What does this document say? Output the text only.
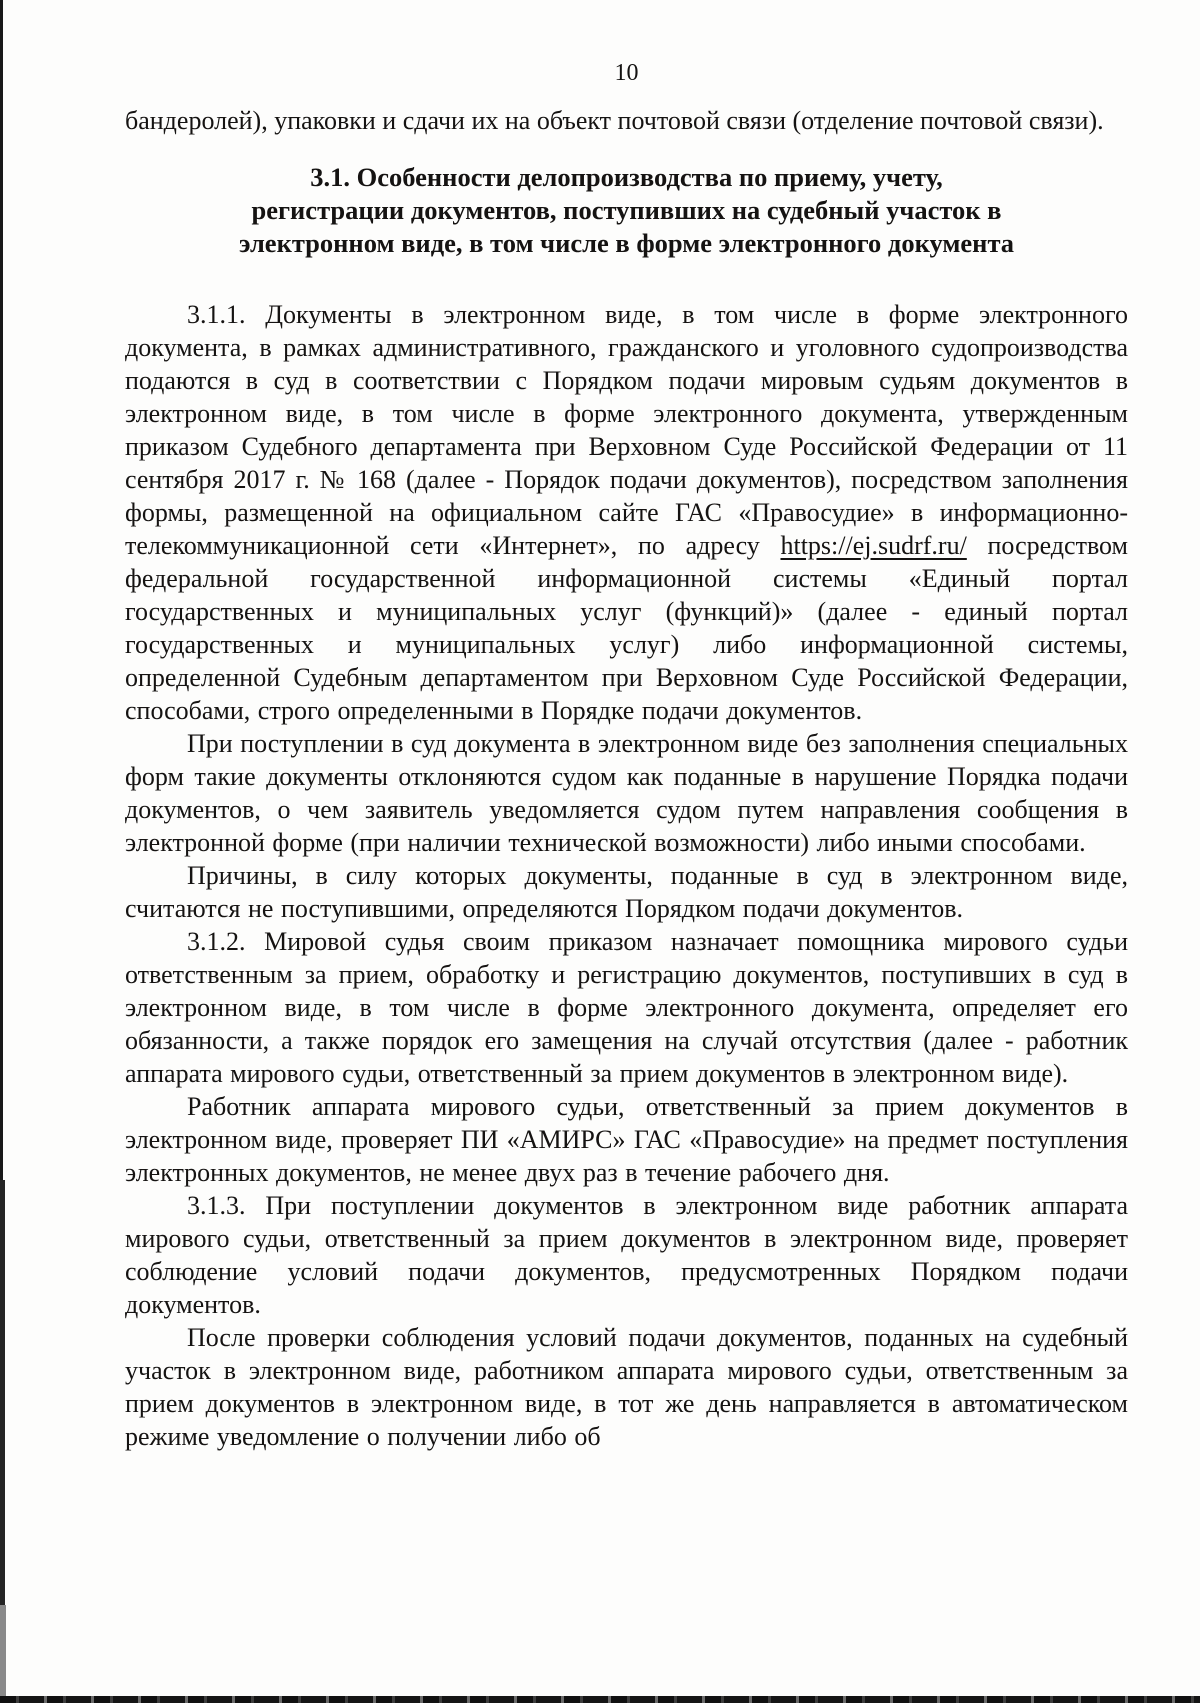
10

бандеролей), упаковки и сдачи их на объект почтовой связи (отделение почтовой связи).

3.1. Особенности делопроизводства по приему, учету,
регистрации документов, поступивших на судебный участок в
электронном виде, в том числе в форме электронного документа

3.1.1. Документы в электронном виде, в том числе в форме электронного документа, в рамках административного, гражданского и уголовного судопроизводства подаются в суд в соответствии с Порядком подачи мировым судьям документов в электронном виде, в том числе в форме электронного документа, утвержденным приказом Судебного департамента при Верховном Суде Российской Федерации от 11 сентября 2017 г. № 168 (далее - Порядок подачи документов), посредством заполнения формы, размещенной на официальном сайте ГАС «Правосудие» в информационно-телекоммуникационной сети «Интернет», по адресу https://ej.sudrf.ru/ посредством федеральной государственной информационной системы «Единый портал государственных и муниципальных услуг (функций)» (далее - единый портал государственных и муниципальных услуг) либо информационной системы, определенной Судебным департаментом при Верховном Суде Российской Федерации, способами, строго определенными в Порядке подачи документов.

При поступлении в суд документа в электронном виде без заполнения специальных форм такие документы отклоняются судом как поданные в нарушение Порядка подачи документов, о чем заявитель уведомляется судом путем направления сообщения в электронной форме (при наличии технической возможности) либо иными способами.

Причины, в силу которых документы, поданные в суд в электронном виде, считаются не поступившими, определяются Порядком подачи документов.

3.1.2. Мировой судья своим приказом назначает помощника мирового судьи ответственным за прием, обработку и регистрацию документов, поступивших в суд в электронном виде, в том числе в форме электронного документа, определяет его обязанности, а также порядок его замещения на случай отсутствия (далее - работник аппарата мирового судьи, ответственный за прием документов в электронном виде).

Работник аппарата мирового судьи, ответственный за прием документов в электронном виде, проверяет ПИ «АМИРС» ГАС «Правосудие» на предмет поступления электронных документов, не менее двух раз в течение рабочего дня.

3.1.3. При поступлении документов в электронном виде работник аппарата мирового судьи, ответственный за прием документов в электронном виде, проверяет соблюдение условий подачи документов, предусмотренных Порядком подачи документов.

После проверки соблюдения условий подачи документов, поданных на судебный участок в электронном виде, работником аппарата мирового судьи, ответственным за прием документов в электронном виде, в тот же день направляется в автоматическом режиме уведомление о получении либо об
